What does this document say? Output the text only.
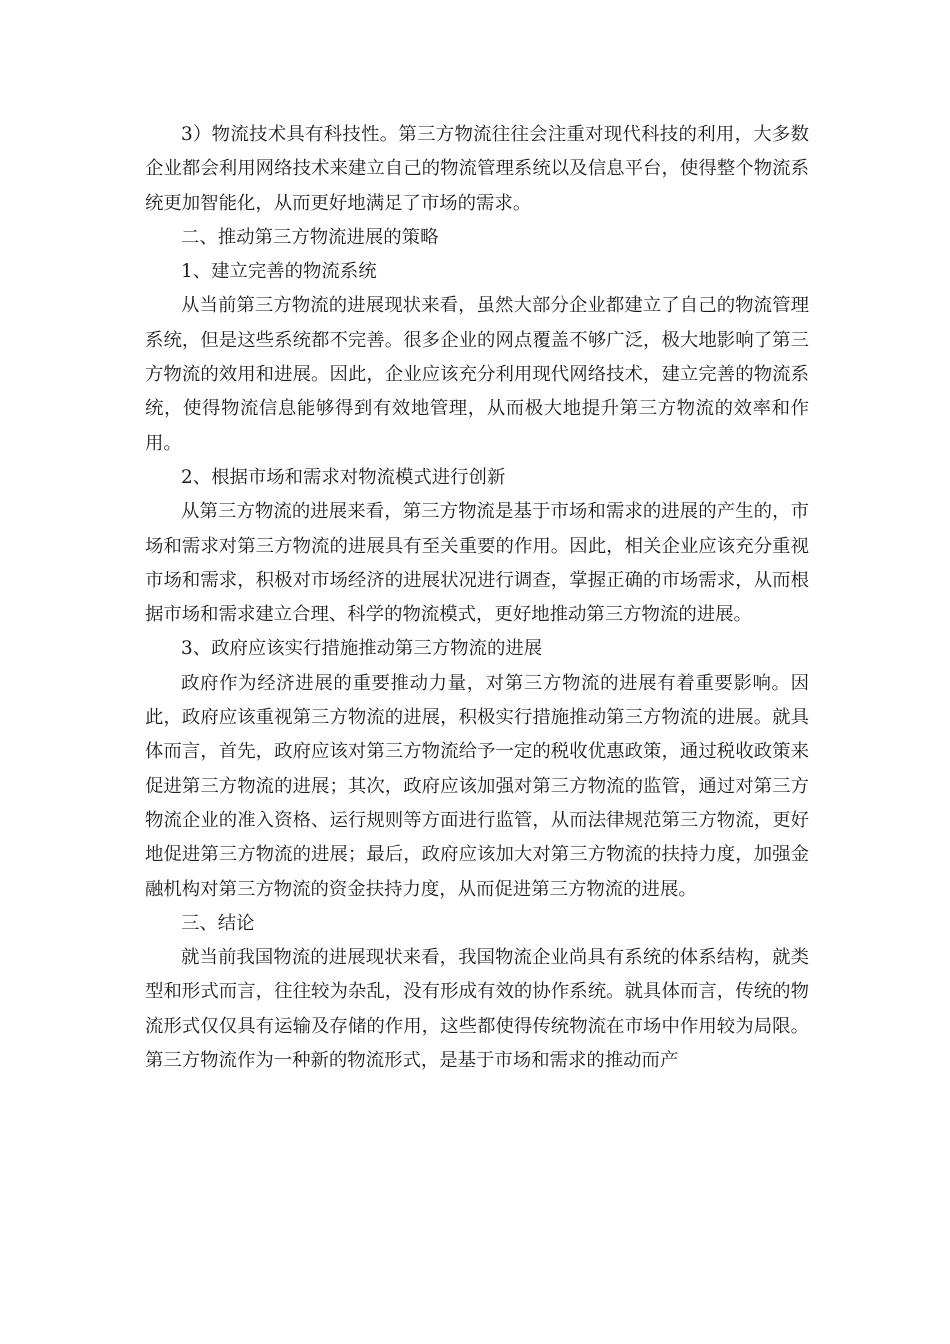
3）物流技术具有科技性。第三方物流往往会注重对现代科技的利用，大多数企业都会利用网络技术来建立自己的物流管理系统以及信息平台，使得整个物流系统更加智能化，从而更好地满足了市场的需求。

二、推动第三方物流进展的策略

1、建立完善的物流系统

从当前第三方物流的进展现状来看，虽然大部分企业都建立了自己的物流管理系统，但是这些系统都不完善。很多企业的网点覆盖不够广泛，极大地影响了第三方物流的效用和进展。因此，企业应该充分利用现代网络技术，建立完善的物流系统，使得物流信息能够得到有效地管理，从而极大地提升第三方物流的效率和作用。

2、根据市场和需求对物流模式进行创新

从第三方物流的进展来看，第三方物流是基于市场和需求的进展的产生的，市场和需求对第三方物流的进展具有至关重要的作用。因此，相关企业应该充分重视市场和需求，积极对市场经济的进展状况进行调查，掌握正确的市场需求，从而根据市场和需求建立合理、科学的物流模式，更好地推动第三方物流的进展。

3、政府应该实行措施推动第三方物流的进展

政府作为经济进展的重要推动力量，对第三方物流的进展有着重要影响。因此，政府应该重视第三方物流的进展，积极实行措施推动第三方物流的进展。就具体而言，首先，政府应该对第三方物流给予一定的税收优惠政策，通过税收政策来促进第三方物流的进展；其次，政府应该加强对第三方物流的监管，通过对第三方物流企业的准入资格、运行规则等方面进行监管，从而法律规范第三方物流，更好地促进第三方物流的进展；最后，政府应该加大对第三方物流的扶持力度，加强金融机构对第三方物流的资金扶持力度，从而促进第三方物流的进展。

三、结论

就当前我国物流的进展现状来看，我国物流企业尚具有系统的体系结构，就类型和形式而言，往往较为杂乱，没有形成有效的协作系统。就具体而言，传统的物流形式仅仅具有运输及存储的作用，这些都使得传统物流在市场中作用较为局限。第三方物流作为一种新的物流形式，是基于市场和需求的推动而产
